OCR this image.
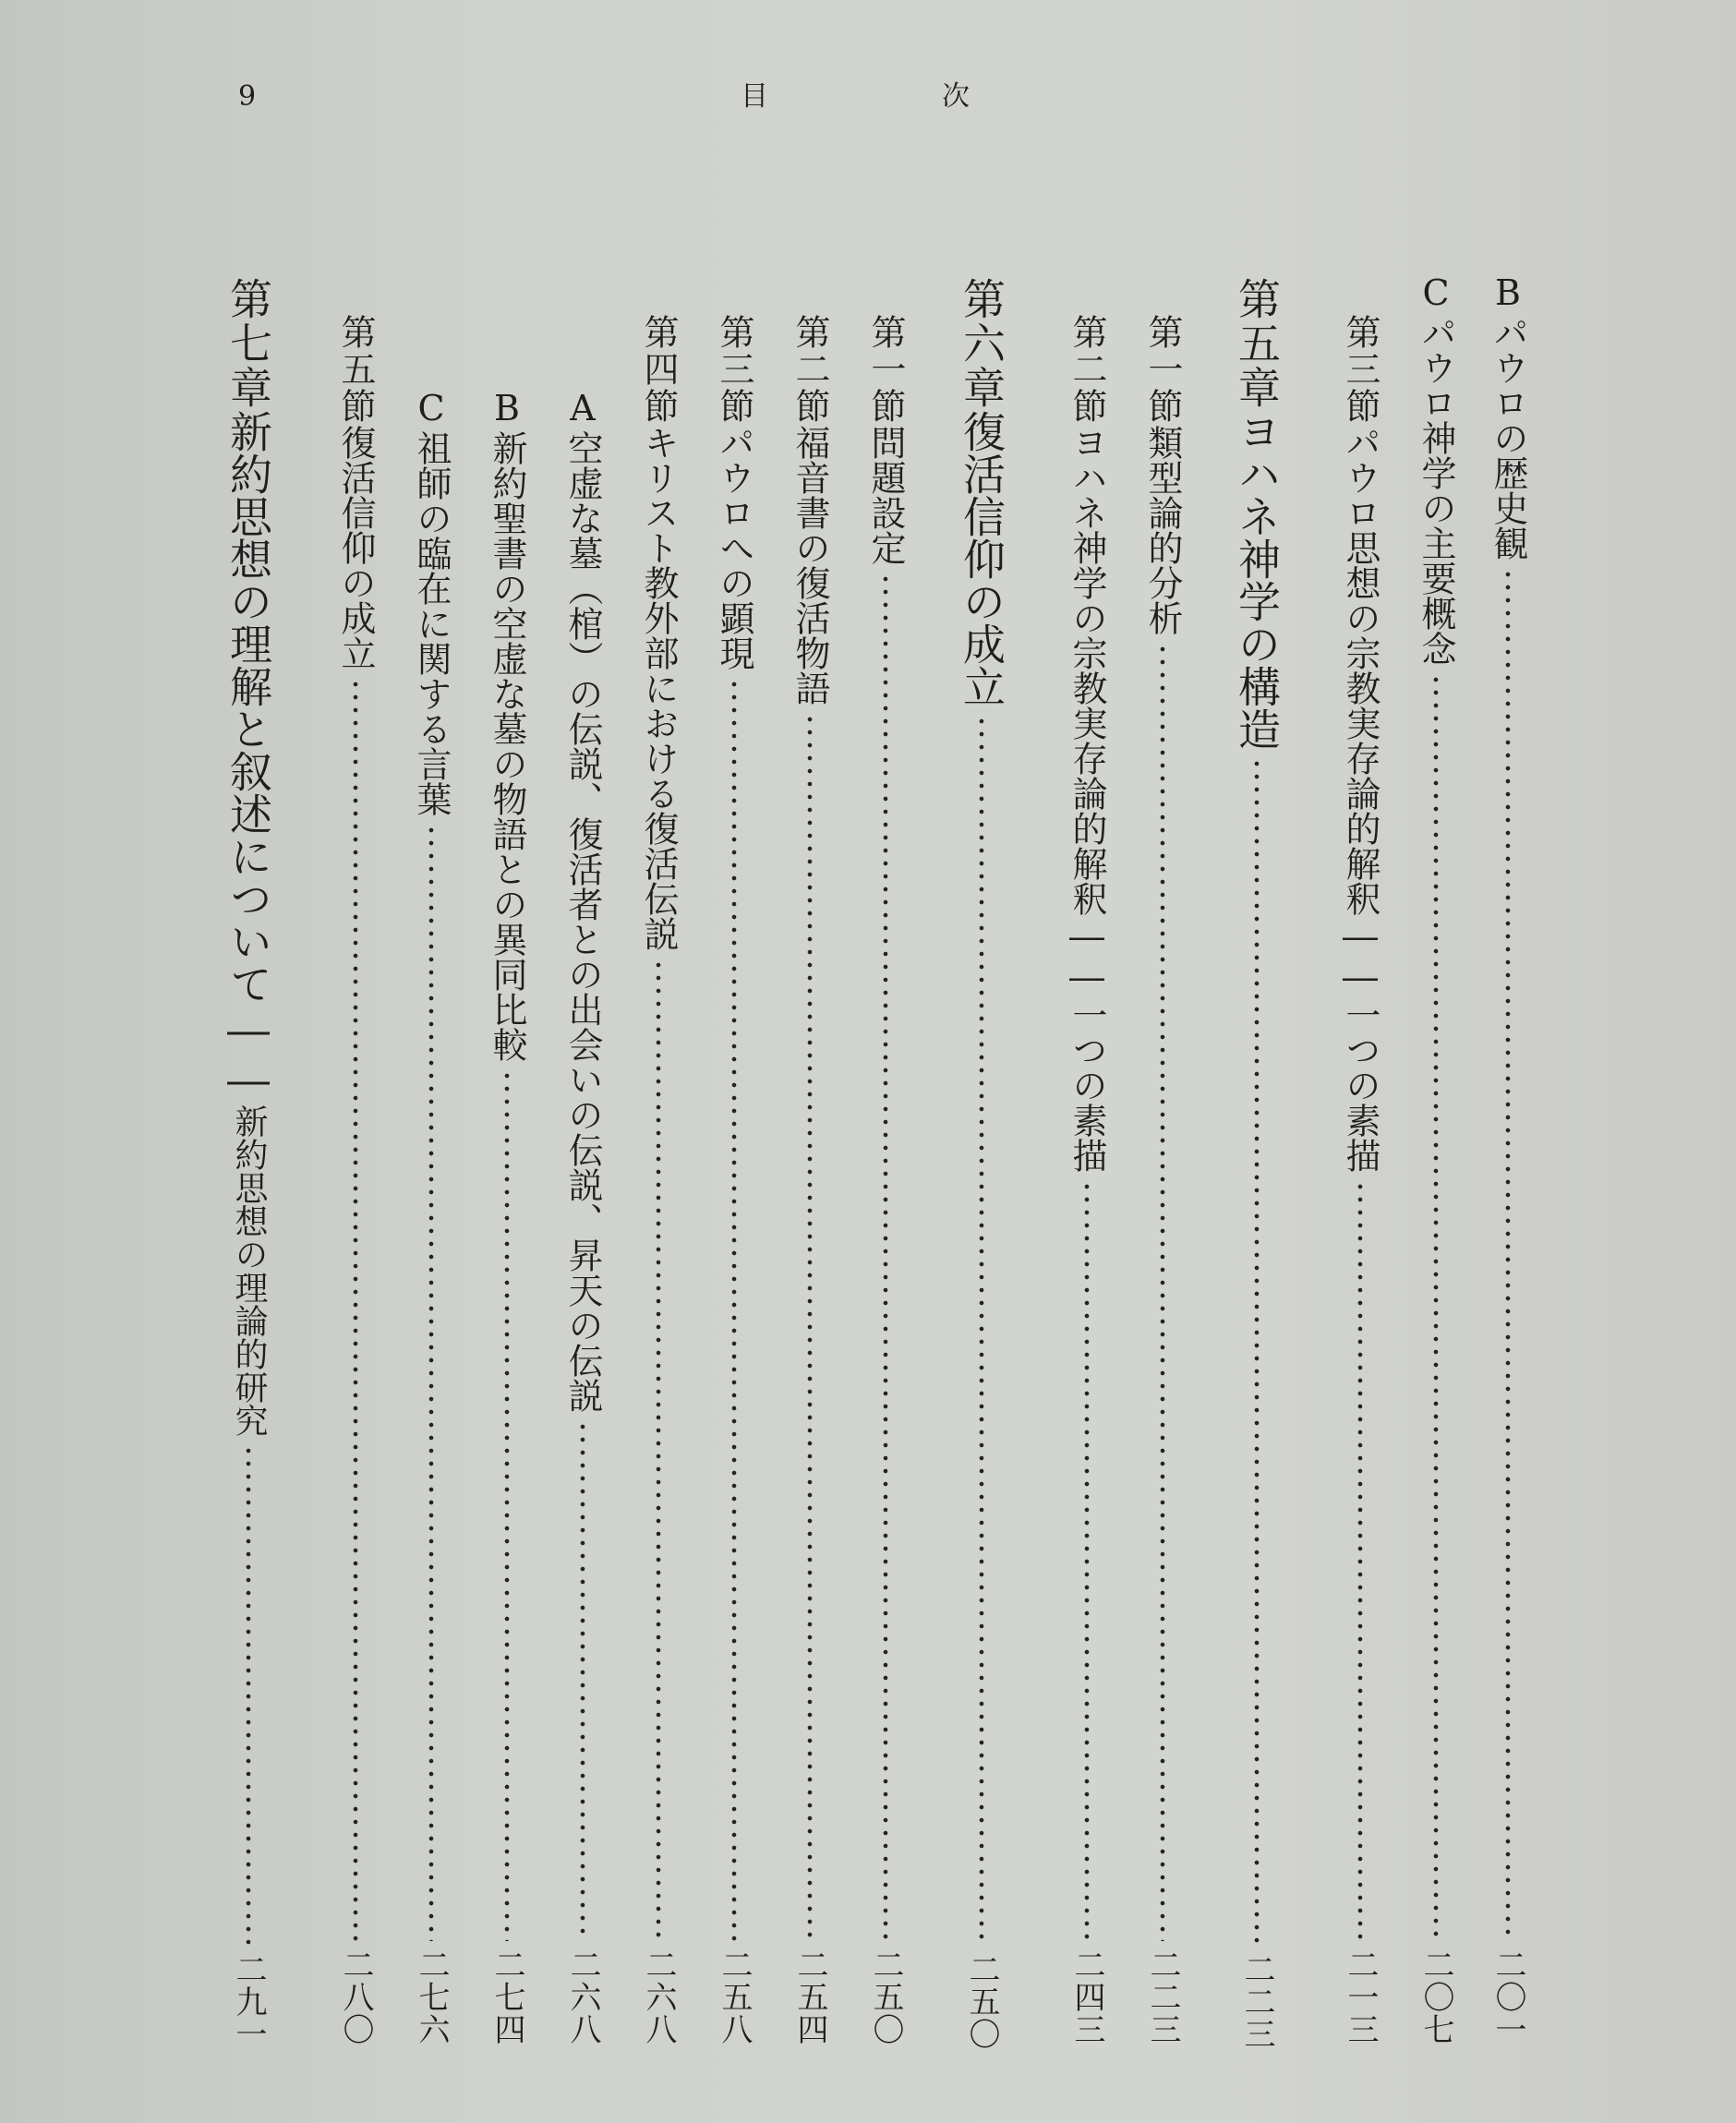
9	目	次
B
パウロの歴史観
二〇一
C
パウロ神学の主要概念
二〇七
第三節
パウロ思想の宗教実存論的解釈――一つの素描
二一三
第五章
ヨハネ神学の構造
二二三
第一節
類型論的分析
二二三
第二節
ヨハネ神学の宗教実存論的解釈――一つの素描
二四三
第六章
復活信仰の成立
二五〇
第一節
問題設定
二五〇
第二節
福音書の復活物語
二五四
第三節
パウロへの顕現
二五八
第四節
キリスト教外部における復活伝説
二六八
A
空虚な墓（棺）の伝説、復活者との出会いの伝説、昇天の伝説
二六八
B
新約聖書の空虚な墓の物語との異同比較
二七四
C
祖師の臨在に関する言葉
二七六
第五節
復活信仰の成立
二八〇
第七章
新約思想の理解と叙述について――
新約思想の理論的研究
二九一
